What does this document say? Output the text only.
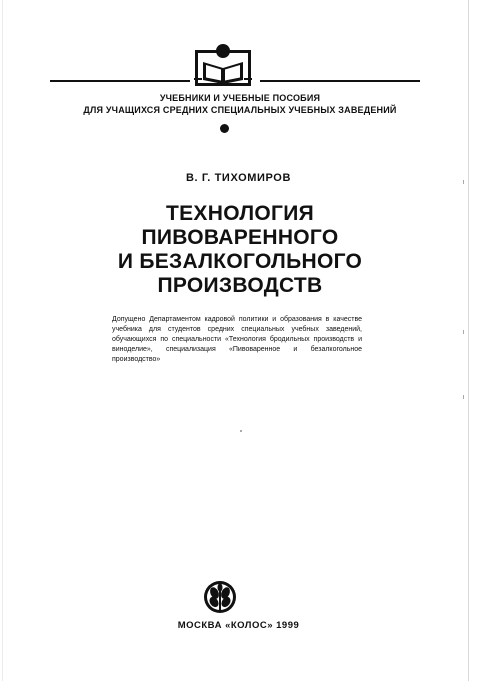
УЧЕБНИКИ И УЧЕБНЫЕ ПОСОБИЯ
ДЛЯ УЧАЩИХСЯ СРЕДНИХ СПЕЦИАЛЬНЫХ УЧЕБНЫХ ЗАВЕДЕНИЙ
В. Г. ТИХОМИРОВ
ТЕХНОЛОГИЯ
ПИВОВАРЕННОГО
И БЕЗАЛКОГОЛЬНОГО
ПРОИЗВОДСТВ
Допущено Департаментом кадровой политики и образования в качестве учебника для студентов средних специальных учебных заведений, обучающихся по специальности «Технология бродильных производств и виноделие», специализация «Пивоваренное и безалкогольное производство»
МОСКВА «КОЛОС» 1999
